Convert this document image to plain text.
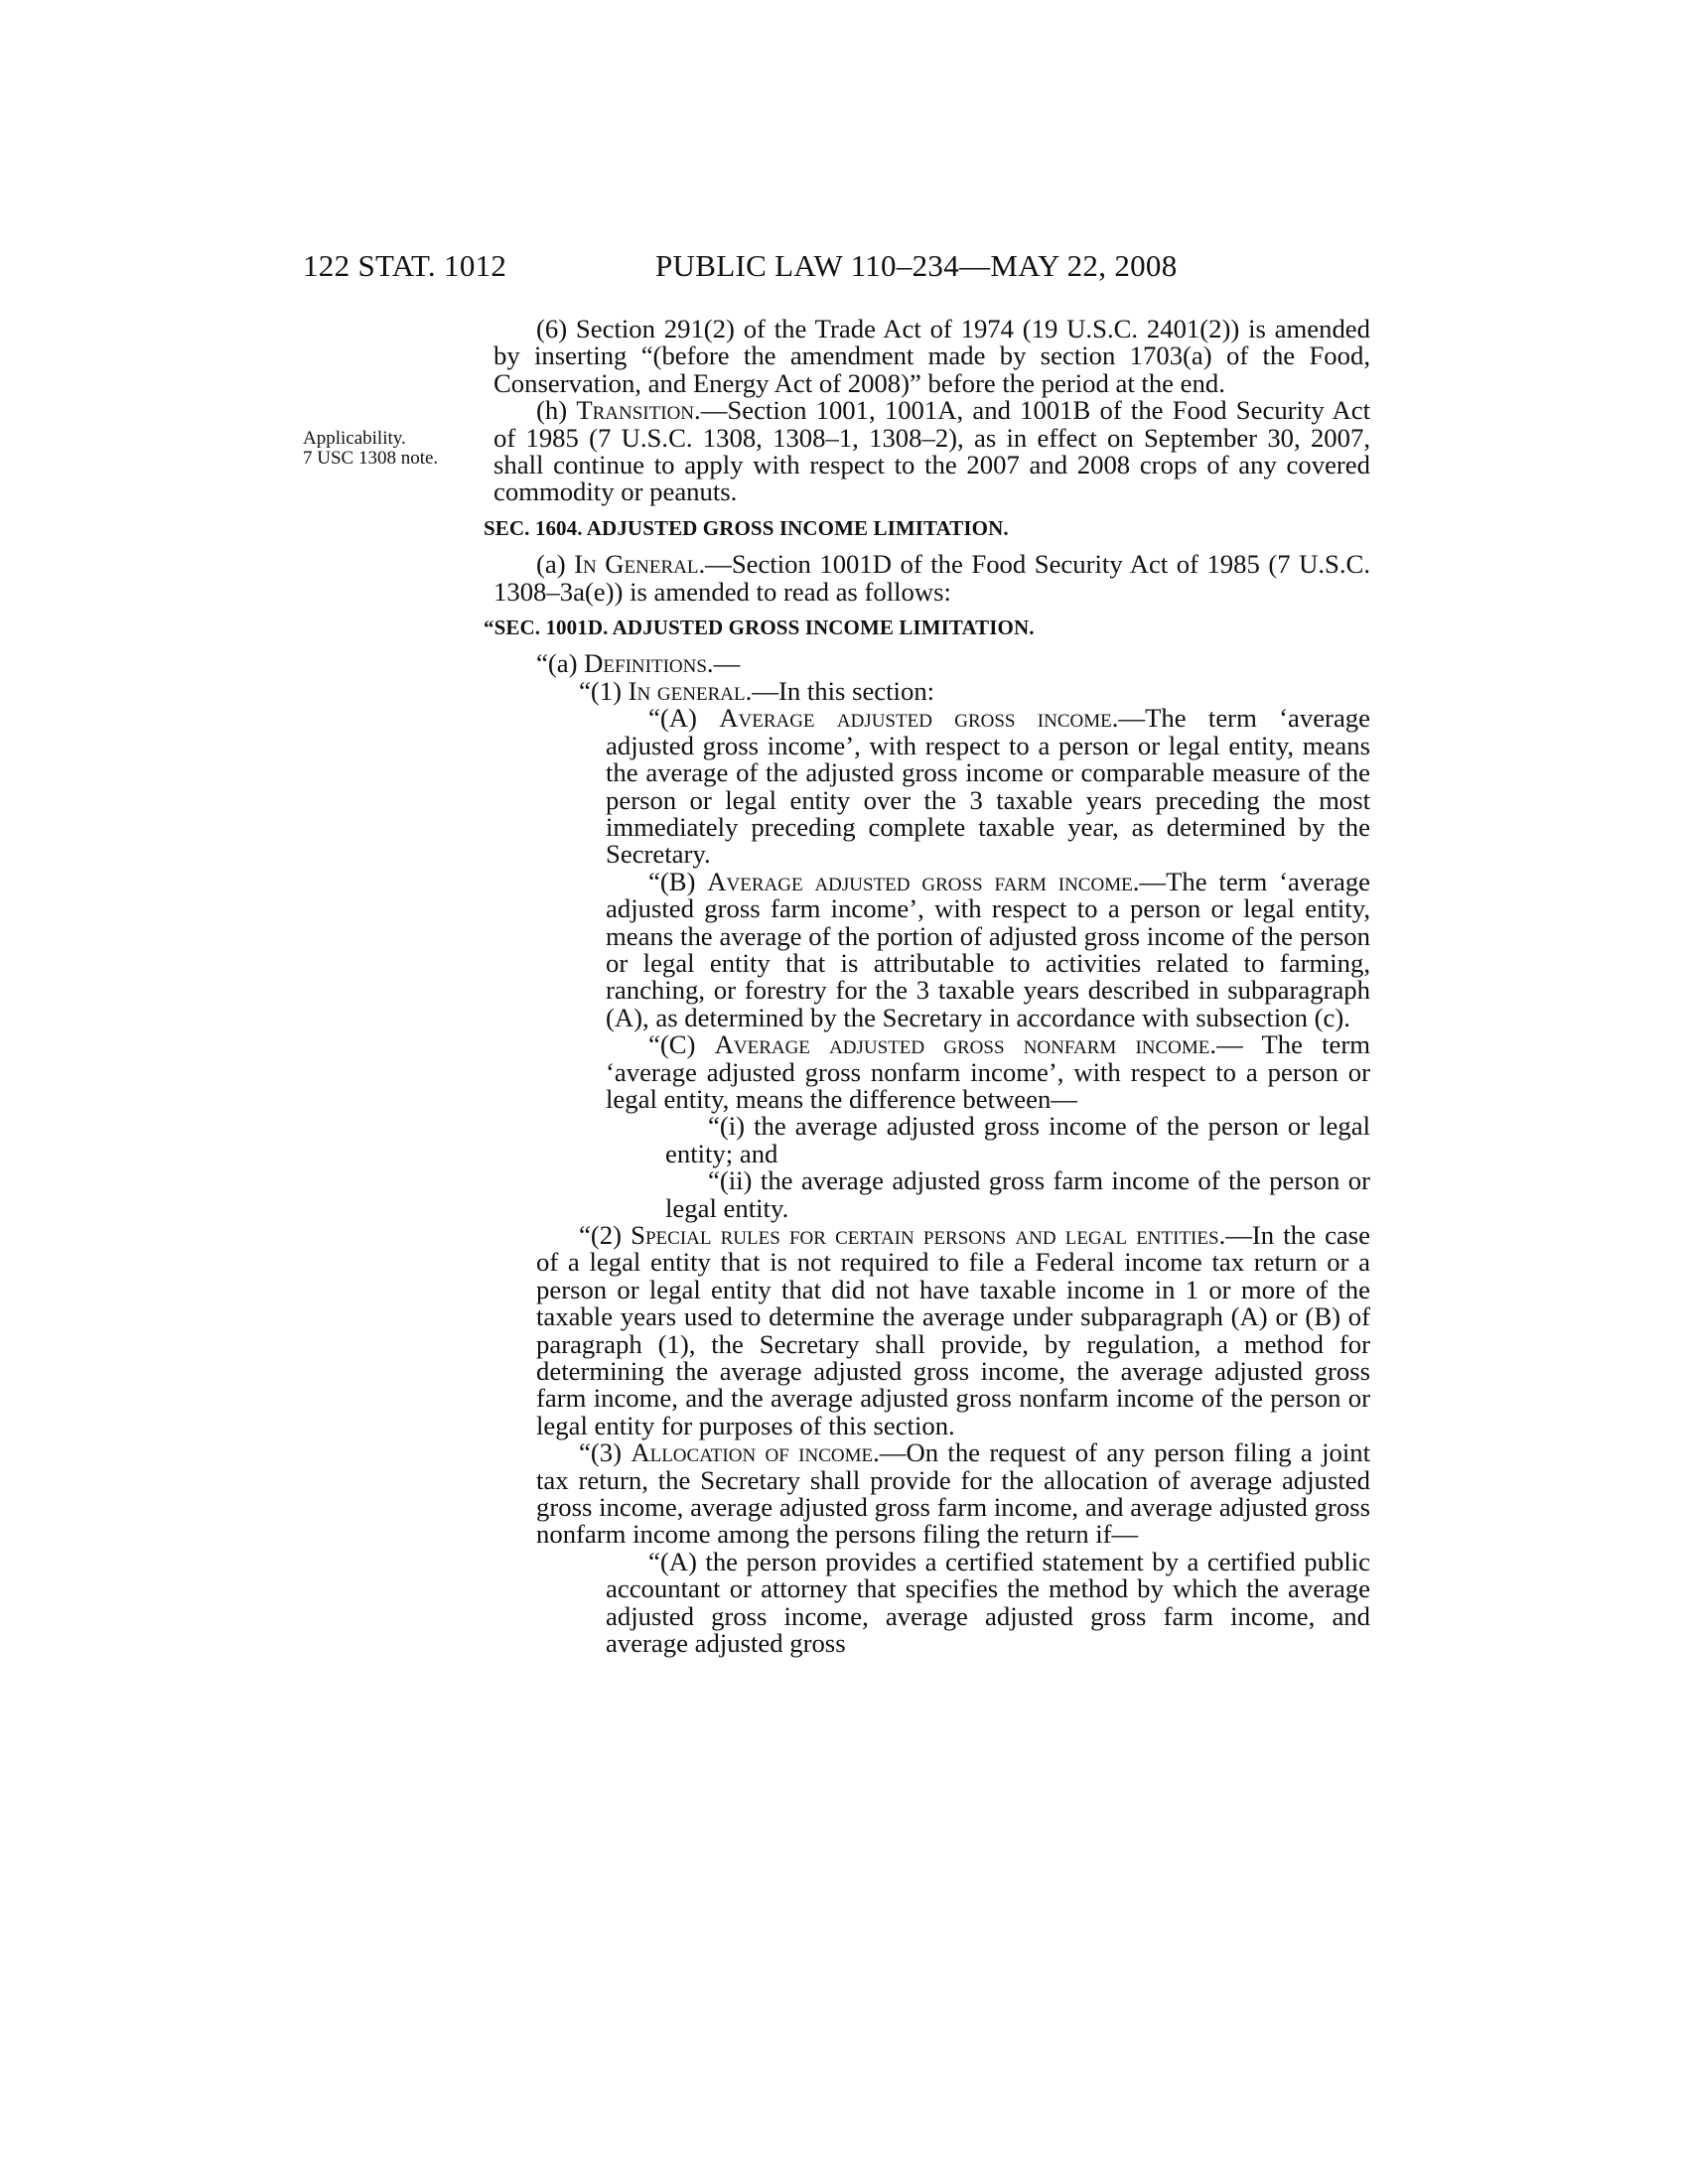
122 STAT. 1012	PUBLIC LAW 110–234—MAY 22, 2008
Applicability.
7 USC 1308 note.

(6) Section 291(2) of the Trade Act of 1974 (19 U.S.C. 2401(2)) is amended by inserting “(before the amendment made by section 1703(a) of the Food, Conservation, and Energy Act of 2008)” before the period at the end.

(h) Transition.—Section 1001, 1001A, and 1001B of the Food Security Act of 1985 (7 U.S.C. 1308, 1308–1, 1308–2), as in effect on September 30, 2007, shall continue to apply with respect to the 2007 and 2008 crops of any covered commodity or peanuts.

SEC. 1604. ADJUSTED GROSS INCOME LIMITATION.

(a) In General.—Section 1001D of the Food Security Act of 1985 (7 U.S.C. 1308–3a(e)) is amended to read as follows:

“SEC. 1001D. ADJUSTED GROSS INCOME LIMITATION.

“(a) Definitions.—

“(1) In general.—In this section:

“(A) Average adjusted gross income.—The term ‘average adjusted gross income’, with respect to a person or legal entity, means the average of the adjusted gross income or comparable measure of the person or legal entity over the 3 taxable years preceding the most immediately preceding complete taxable year, as determined by the Secretary.

“(B) Average adjusted gross farm income.—The term ‘average adjusted gross farm income’, with respect to a person or legal entity, means the average of the portion of adjusted gross income of the person or legal entity that is attributable to activities related to farming, ranching, or forestry for the 3 taxable years described in subparagraph (A), as determined by the Secretary in accordance with subsection (c).

“(C) Average adjusted gross nonfarm income.— The term ‘average adjusted gross nonfarm income’, with respect to a person or legal entity, means the difference between—

“(i) the average adjusted gross income of the person or legal entity; and

“(ii) the average adjusted gross farm income of the person or legal entity.

“(2) Special rules for certain persons and legal entities.—In the case of a legal entity that is not required to file a Federal income tax return or a person or legal entity that did not have taxable income in 1 or more of the taxable years used to determine the average under subparagraph (A) or (B) of paragraph (1), the Secretary shall provide, by regulation, a method for determining the average adjusted gross income, the average adjusted gross farm income, and the average adjusted gross nonfarm income of the person or legal entity for purposes of this section.

“(3) Allocation of income.—On the request of any person filing a joint tax return, the Secretary shall provide for the allocation of average adjusted gross income, average adjusted gross farm income, and average adjusted gross nonfarm income among the persons filing the return if—

“(A) the person provides a certified statement by a certified public accountant or attorney that specifies the method by which the average adjusted gross income, average adjusted gross farm income, and average adjusted gross
